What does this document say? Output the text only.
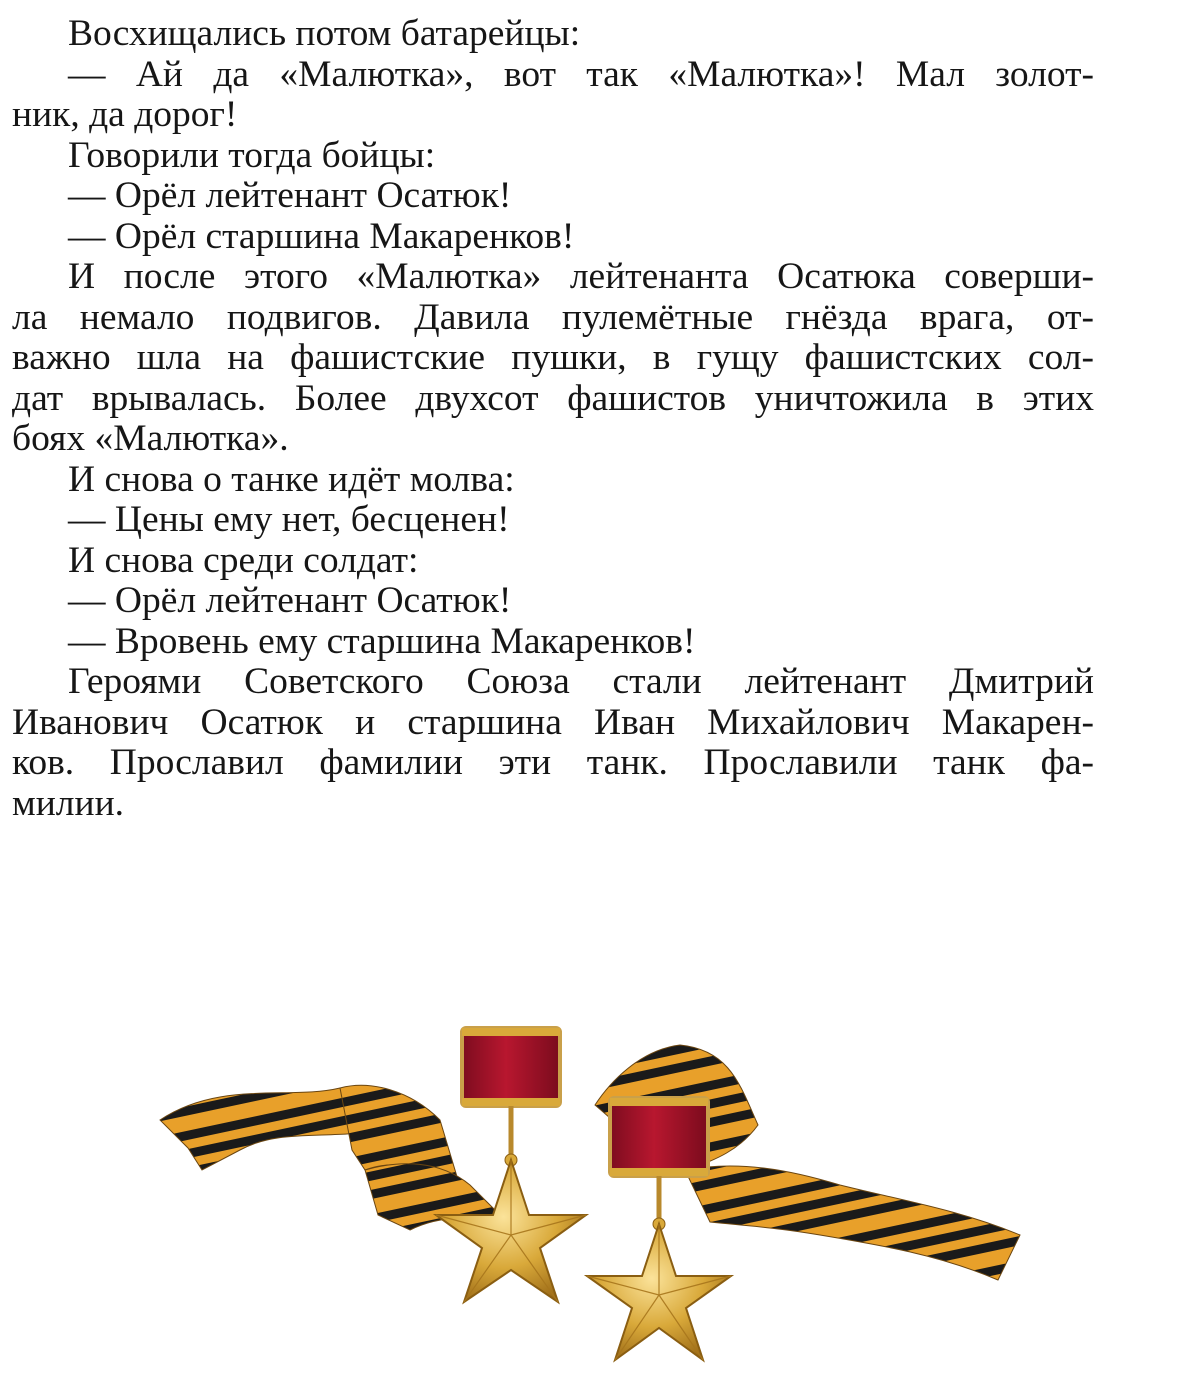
Восхищались потом батарейцы:
— Ай да «Малютка», вот так «Малютка»! Мал золот-
ник, да дорог!
Говорили тогда бойцы:
— Орёл лейтенант Осатюк!
— Орёл старшина Макаренков!
И после этого «Малютка» лейтенанта Осатюка соверши-
ла немало подвигов. Давила пулемётные гнёзда врага, от-
важно шла на фашистские пушки, в гущу фашистских сол-
дат врывалась. Более двухсот фашистов уничтожила в этих
боях «Малютка».
И снова о танке идёт молва:
— Цены ему нет, бесценен!
И снова среди солдат:
— Орёл лейтенант Осатюк!
— Вровень ему старшина Макаренков!
Героями Советского Союза стали лейтенант Дмитрий
Иванович Осатюк и старшина Иван Михайлович Макарен-
ков. Прославил фамилии эти танк. Прославили танк фа-
милии.
